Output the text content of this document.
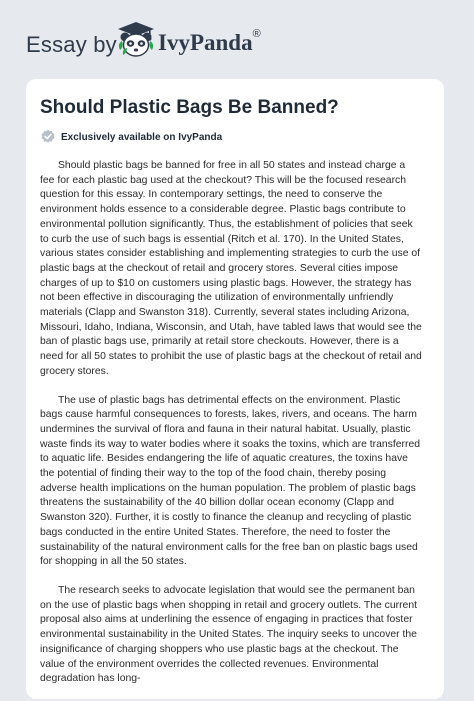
Essay by IvyPanda®
Should Plastic Bags Be Banned?
Exclusively available on IvyPanda

Should plastic bags be banned for free in all 50 states and instead charge a fee for each plastic bag used at the checkout? This will be the focused research question for this essay. In contemporary settings, the need to conserve the environment holds essence to a considerable degree. Plastic bags contribute to environmental pollution significantly. Thus, the establishment of policies that seek to curb the use of such bags is essential (Ritch et al. 170). In the United States, various states consider establishing and implementing strategies to curb the use of plastic bags at the checkout of retail and grocery stores. Several cities impose charges of up to $10 on customers using plastic bags. However, the strategy has not been effective in discouraging the utilization of environmentally unfriendly materials (Clapp and Swanston 318). Currently, several states including Arizona, Missouri, Idaho, Indiana, Wisconsin, and Utah, have tabled laws that would see the ban of plastic bags use, primarily at retail store checkouts. However, there is a need for all 50 states to prohibit the use of plastic bags at the checkout of retail and grocery stores.

The use of plastic bags has detrimental effects on the environment. Plastic bags cause harmful consequences to forests, lakes, rivers, and oceans. The harm undermines the survival of flora and fauna in their natural habitat. Usually, plastic waste finds its way to water bodies where it soaks the toxins, which are transferred to aquatic life. Besides endangering the life of aquatic creatures, the toxins have the potential of finding their way to the top of the food chain, thereby posing adverse health implications on the human population. The problem of plastic bags threatens the sustainability of the 40 billion dollar ocean economy (Clapp and Swanston 320). Further, it is costly to finance the cleanup and recycling of plastic bags conducted in the entire United States. Therefore, the need to foster the sustainability of the natural environment calls for the free ban on plastic bags used for shopping in all the 50 states.

The research seeks to advocate legislation that would see the permanent ban on the use of plastic bags when shopping in retail and grocery outlets. The current proposal also aims at underlining the essence of engaging in practices that foster environmental sustainability in the United States. The inquiry seeks to uncover the insignificance of charging shoppers who use plastic bags at the checkout. The value of the environment overrides the collected revenues. Environmental degradation has long-
